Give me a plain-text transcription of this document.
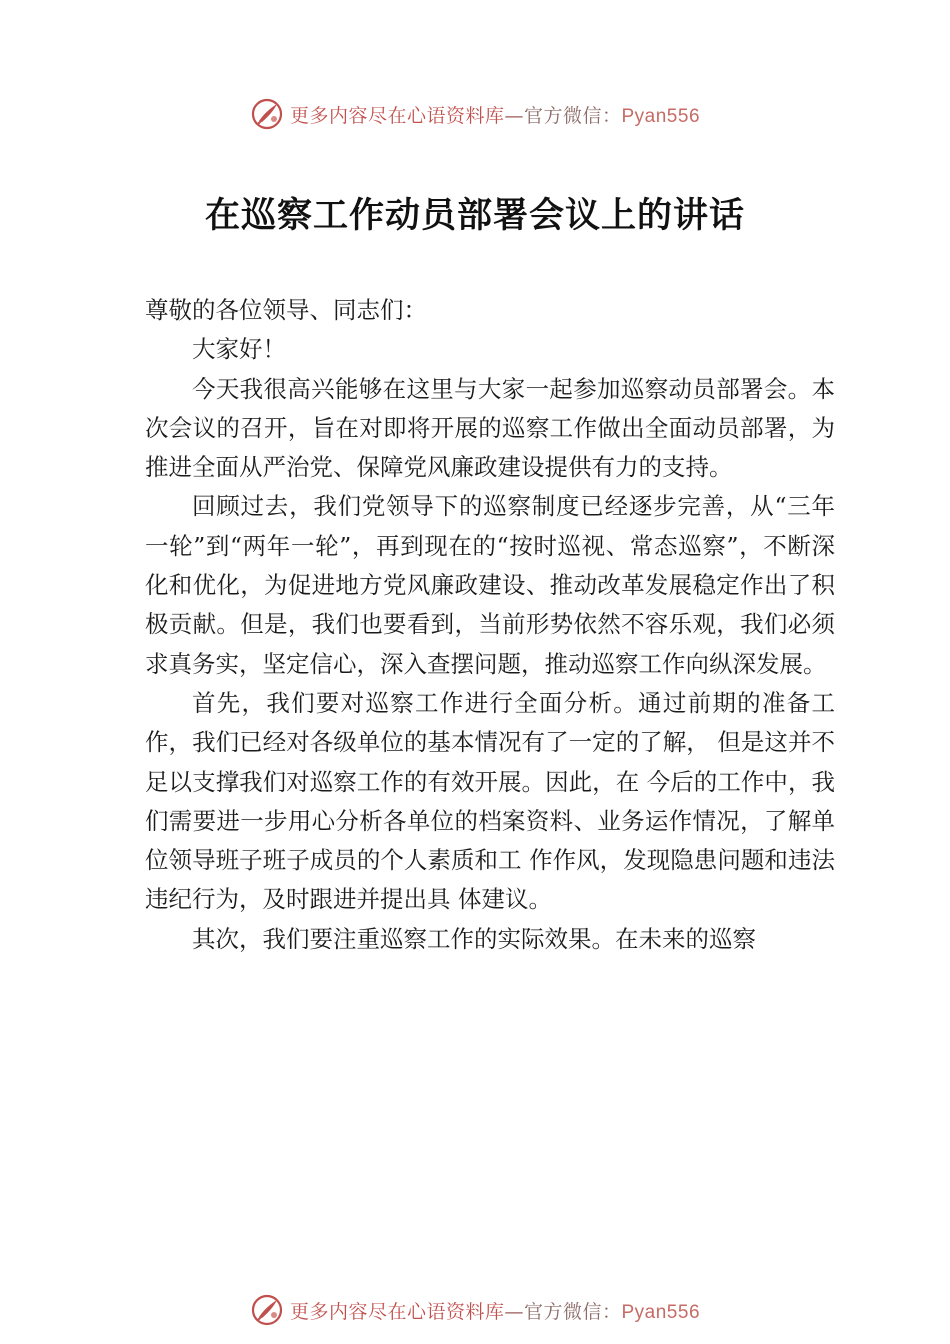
更多内容尽在心语资料库—官方微信：Pyan556
在巡察工作动员部署会议上的讲话

尊敬的各位领导、同志们：

大家好！

今天我很高兴能够在这里与大家一起参加巡察动员部署会。本次会议的召开，旨在对即将开展的巡察工作做出全面动员部署，为推进全面从严治党、保障党风廉政建设提供有力的支持。

回顾过去，我们党领导下的巡察制度已经逐步完善，从“三年一轮”到“两年一轮”，再到现在的“按时巡视、常态巡察”，不断深化和优化，为促进地方党风廉政建设、推动改革发展稳定作出了积极贡献。但是，我们也要看到，当前形势依然不容乐观，我们必须求真务实，坚定信心，深入查摆问题，推动巡察工作向纵深发展。

首先，我们要对巡察工作进行全面分析。通过前期的准备工作，我们已经对各级单位的基本情况有了一定的了解， 但是这并不足以支撑我们对巡察工作的有效开展。因此，在 今后的工作中，我们需要进一步用心分析各单位的档案资料、业务运作情况，了解单位领导班子班子成员的个人素质和工 作作风，发现隐患问题和违法违纪行为，及时跟进并提出具 体建议。

其次，我们要注重巡察工作的实际效果。在未来的巡察

更多内容尽在心语资料库—官方微信：Pyan556
